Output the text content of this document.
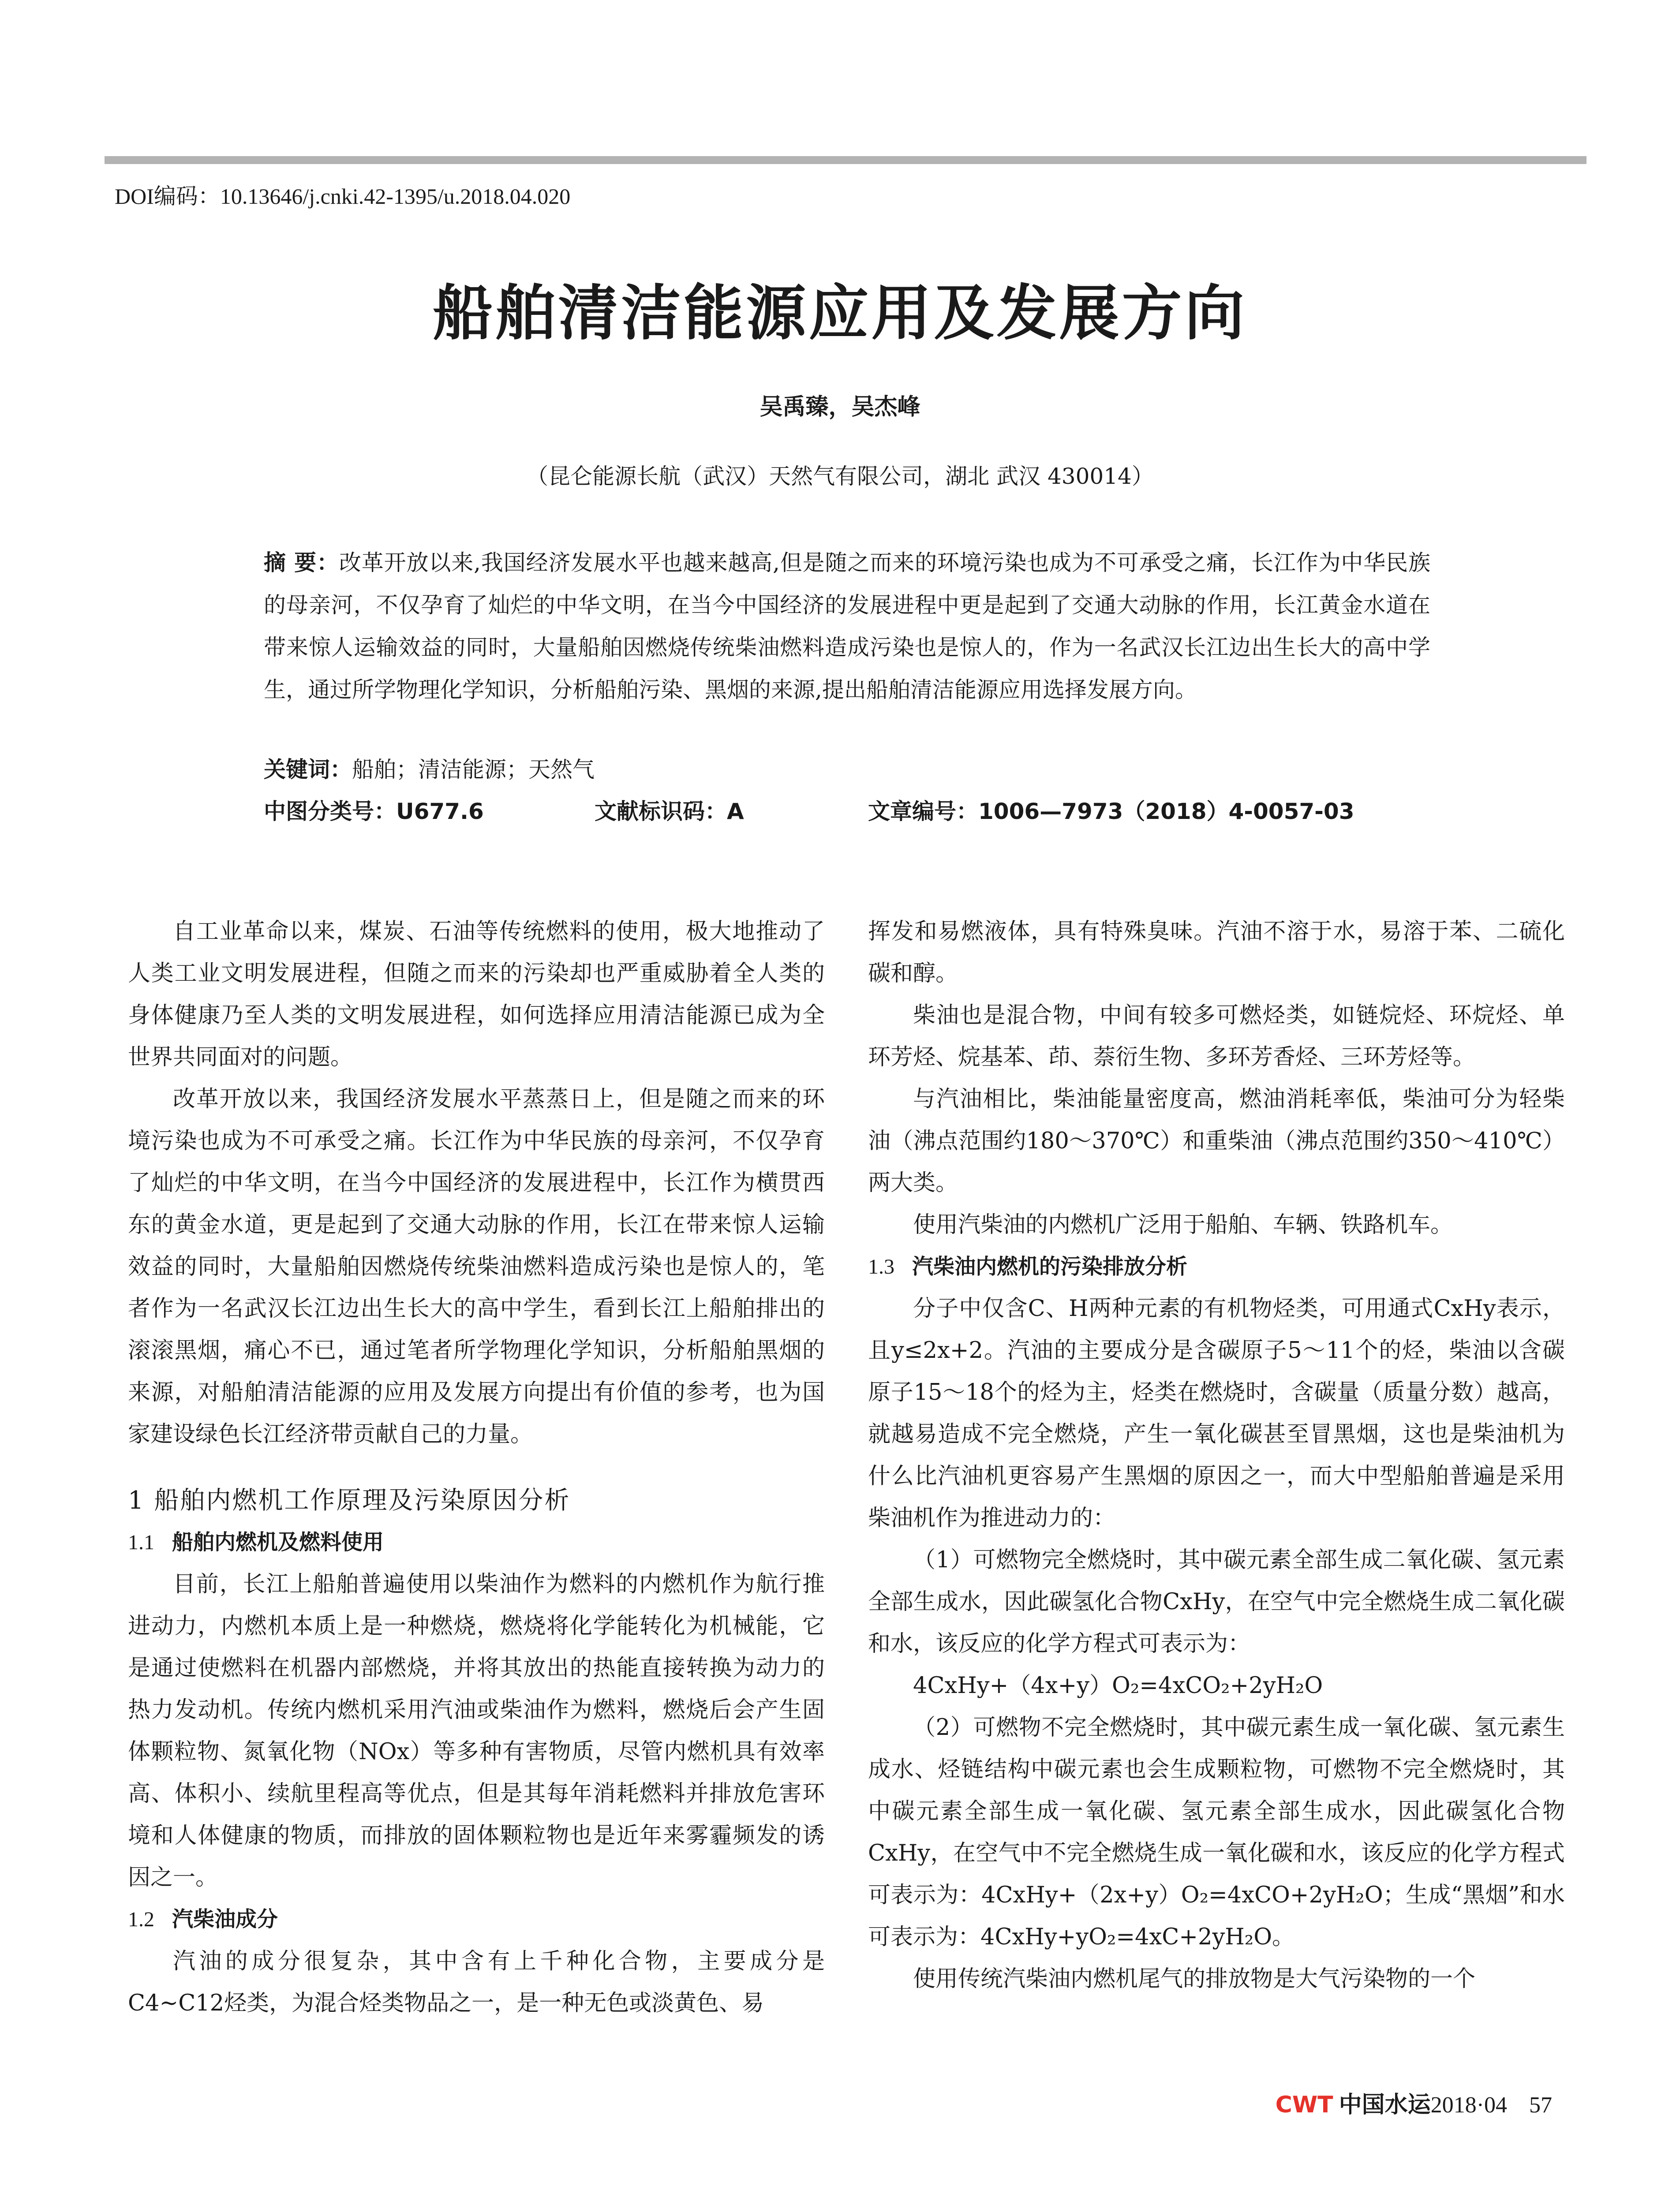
DOI编码：10.13646/j.cnki.42-1395/u.2018.04.020
船舶清洁能源应用及发展方向
吴禹臻，吴杰峰
（昆仑能源长航（武汉）天然气有限公司，湖北 武汉 430014）
摘 要：改革开放以来,我国经济发展水平也越来越高,但是随之而来的环境污染也成为不可承受之痛，长江作为中华民族的母亲河，不仅孕育了灿烂的中华文明，在当今中国经济的发展进程中更是起到了交通大动脉的作用，长江黄金水道在带来惊人运输效益的同时，大量船舶因燃烧传统柴油燃料造成污染也是惊人的，作为一名武汉长江边出生长大的高中学生，通过所学物理化学知识，分析船舶污染、黑烟的来源,提出船舶清洁能源应用选择发展方向。
关键词：船舶；清洁能源；天然气
中图分类号：U677.6	文献标识码：A	文章编号：1006—7973（2018）4-0057-03

自工业革命以来，煤炭、石油等传统燃料的使用，极大地推动了人类工业文明发展进程，但随之而来的污染却也严重威胁着全人类的身体健康乃至人类的文明发展进程，如何选择应用清洁能源已成为全世界共同面对的问题。

改革开放以来，我国经济发展水平蒸蒸日上，但是随之而来的环境污染也成为不可承受之痛。长江作为中华民族的母亲河，不仅孕育了灿烂的中华文明，在当今中国经济的发展进程中，长江作为横贯西东的黄金水道，更是起到了交通大动脉的作用，长江在带来惊人运输效益的同时，大量船舶因燃烧传统柴油燃料造成污染也是惊人的，笔者作为一名武汉长江边出生长大的高中学生，看到长江上船舶排出的滚滚黑烟，痛心不已，通过笔者所学物理化学知识，分析船舶黑烟的来源，对船舶清洁能源的应用及发展方向提出有价值的参考，也为国家建设绿色长江经济带贡献自己的力量。

1 船舶内燃机工作原理及污染原因分析

1.1 船舶内燃机及燃料使用

目前，长江上船舶普遍使用以柴油作为燃料的内燃机作为航行推进动力，内燃机本质上是一种燃烧，燃烧将化学能转化为机械能，它是通过使燃料在机器内部燃烧，并将其放出的热能直接转换为动力的热力发动机。传统内燃机采用汽油或柴油作为燃料，燃烧后会产生固体颗粒物、氮氧化物（NOx）等多种有害物质，尽管内燃机具有效率高、体积小、续航里程高等优点，但是其每年消耗燃料并排放危害环境和人体健康的物质，而排放的固体颗粒物也是近年来雾霾频发的诱因之一。

1.2 汽柴油成分

汽油的成分很复杂，其中含有上千种化合物，主要成分是C4~C12烃类，为混合烃类物品之一，是一种无色或淡黄色、易

挥发和易燃液体，具有特殊臭味。汽油不溶于水，易溶于苯、二硫化碳和醇。

柴油也是混合物，中间有较多可燃烃类，如链烷烃、环烷烃、单环芳烃、烷基苯、茚、萘衍生物、多环芳香烃、三环芳烃等。

与汽油相比，柴油能量密度高，燃油消耗率低，柴油可分为轻柴油（沸点范围约180～370℃）和重柴油（沸点范围约350～410℃）两大类。

使用汽柴油的内燃机广泛用于船舶、车辆、铁路机车。

1.3 汽柴油内燃机的污染排放分析

分子中仅含C、H两种元素的有机物烃类，可用通式CxHy表示，且y≤2x+2。汽油的主要成分是含碳原子5～11个的烃，柴油以含碳原子15～18个的烃为主，烃类在燃烧时，含碳量（质量分数）越高，就越易造成不完全燃烧，产生一氧化碳甚至冒黑烟，这也是柴油机为什么比汽油机更容易产生黑烟的原因之一，而大中型船舶普遍是采用柴油机作为推进动力的：

（1）可燃物完全燃烧时，其中碳元素全部生成二氧化碳、氢元素全部生成水，因此碳氢化合物CxHy，在空气中完全燃烧生成二氧化碳和水，该反应的化学方程式可表示为：

4CxHy+（4x+y）O₂=4xCO₂+2yH₂O

（2）可燃物不完全燃烧时，其中碳元素生成一氧化碳、氢元素生成水、烃链结构中碳元素也会生成颗粒物，可燃物不完全燃烧时，其中碳元素全部生成一氧化碳、氢元素全部生成水，因此碳氢化合物CxHy，在空气中不完全燃烧生成一氧化碳和水，该反应的化学方程式可表示为：4CxHy+（2x+y）O₂=4xCO+2yH₂O；生成“黑烟”和水可表示为：4CxHy+yO₂=4xC+2yH₂O。

使用传统汽柴油内燃机尾气的排放物是大气污染物的一个

CWT 中国水运2018·04 57
